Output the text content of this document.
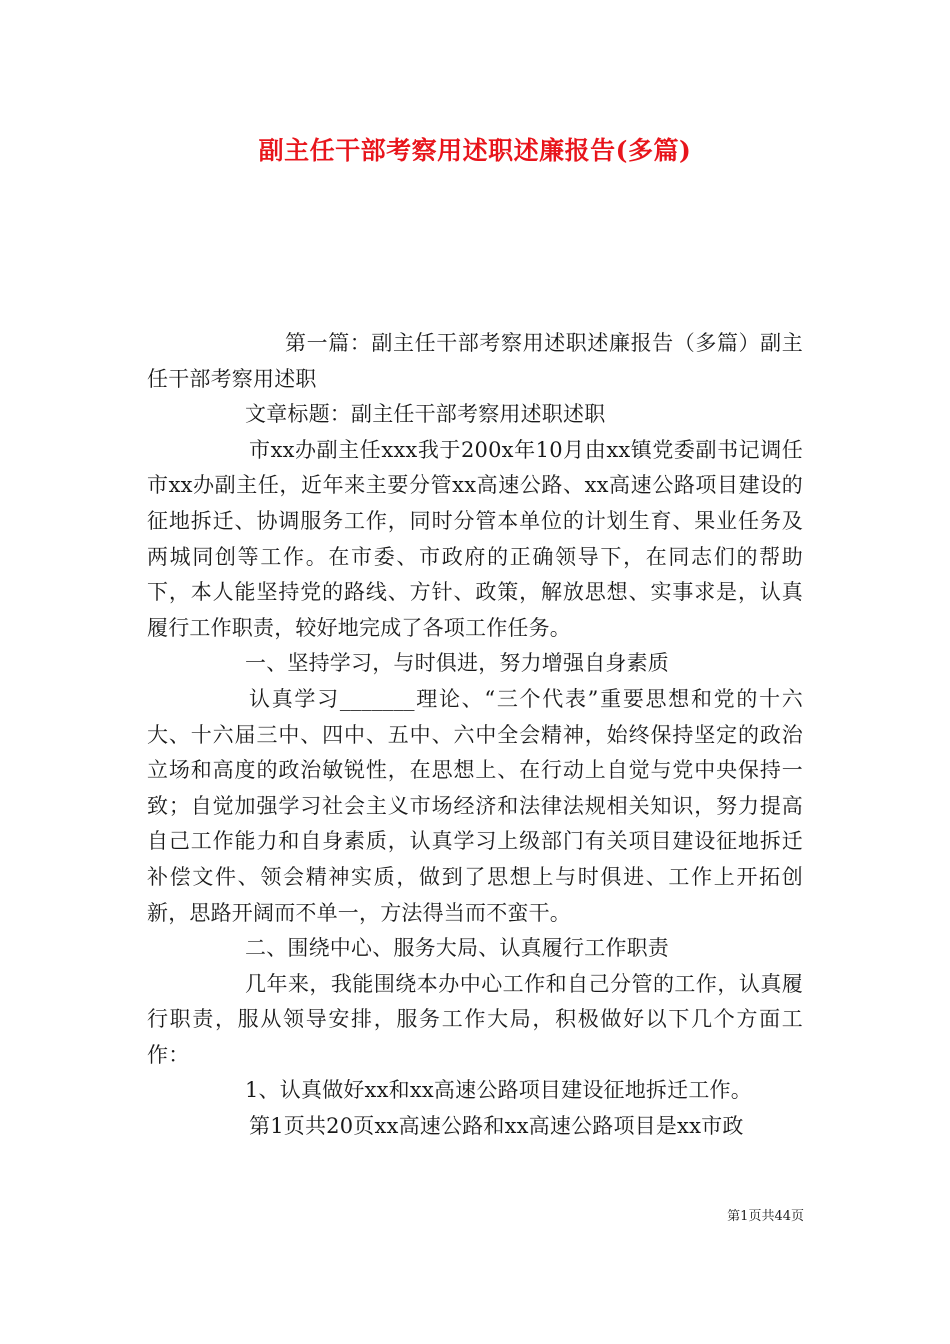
副主任干部考察用述职述廉报告(多篇)

第一篇：副主任干部考察用述职述廉报告（多篇）副主任干部考察用述职

文章标题：副主任干部考察用述职述职

市xx办副主任xxx我于200x年10月由xx镇党委副书记调任市xx办副主任，近年来主要分管xx高速公路、xx高速公路项目建设的征地拆迁、协调服务工作，同时分管本单位的计划生育、果业任务及两城同创等工作。在市委、市政府的正确领导下，在同志们的帮助下，本人能坚持党的路线、方针、政策，解放思想、实事求是，认真履行工作职责，较好地完成了各项工作任务。

一、坚持学习，与时俱进，努力增强自身素质

认真学习_______理论、“三个代表”重要思想和党的十六大、十六届三中、四中、五中、六中全会精神，始终保持坚定的政治立场和高度的政治敏锐性，在思想上、在行动上自觉与党中央保持一致；自觉加强学习社会主义市场经济和法律法规相关知识，努力提高自己工作能力和自身素质，认真学习上级部门有关项目建设征地拆迁补偿文件、领会精神实质，做到了思想上与时俱进、工作上开拓创新，思路开阔而不单一，方法得当而不蛮干。

二、围绕中心、服务大局、认真履行工作职责

几年来，我能围绕本办中心工作和自己分管的工作，认真履行职责，服从领导安排，服务工作大局，积极做好以下几个方面工作：

1、认真做好xx和xx高速公路项目建设征地拆迁工作。

第1页共20页xx高速公路和xx高速公路项目是xx市政

第1页共44页
